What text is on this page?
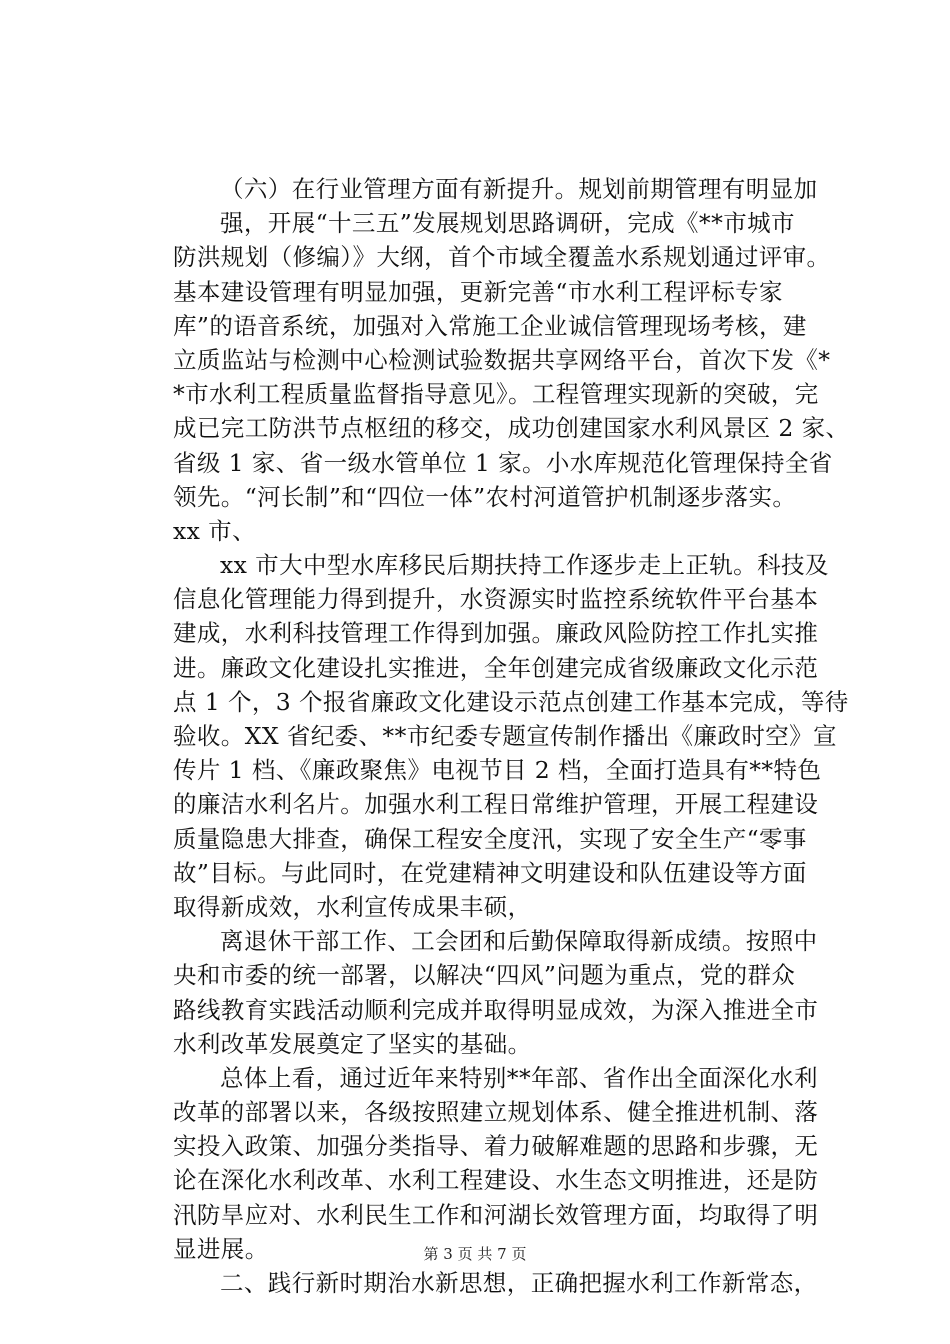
（六）在行业管理方面有新提升。规划前期管理有明显加
强，开展“十三五”发展规划思路调研，完成《**市城市
防洪规划（修编）》大纲，首个市域全覆盖水系规划通过评审。
基本建设管理有明显加强，更新完善“市水利工程评标专家
库”的语音系统，加强对入常施工企业诚信管理现场考核，建
立质监站与检测中心检测试验数据共享网络平台，首次下发《*
*市水利工程质量监督指导意见》。工程管理实现新的突破，完
成已完工防洪节点枢纽的移交，成功创建国家水利风景区 2 家、
省级 1 家、省一级水管单位 1 家。小水库规范化管理保持全省
领先。“河长制”和“四位一体”农村河道管护机制逐步落实。
xx 市、
xx 市大中型水库移民后期扶持工作逐步走上正轨。科技及
信息化管理能力得到提升，水资源实时监控系统软件平台基本
建成，水利科技管理工作得到加强。廉政风险防控工作扎实推
进。廉政文化建设扎实推进，全年创建完成省级廉政文化示范
点 1 个，3 个报省廉政文化建设示范点创建工作基本完成，等待
验收。XX 省纪委、**市纪委专题宣传制作播出《廉政时空》宣
传片 1 档、《廉政聚焦》电视节目 2 档，全面打造具有**特色
的廉洁水利名片。加强水利工程日常维护管理，开展工程建设
质量隐患大排查，确保工程安全度汛，实现了安全生产“零事
故”目标。与此同时，在党建精神文明建设和队伍建设等方面
取得新成效，水利宣传成果丰硕，
离退休干部工作、工会团和后勤保障取得新成绩。按照中
央和市委的统一部署，以解决“四风”问题为重点，党的群众
路线教育实践活动顺利完成并取得明显成效，为深入推进全市
水利改革发展奠定了坚实的基础。
总体上看，通过近年来特别**年部、省作出全面深化水利
改革的部署以来，各级按照建立规划体系、健全推进机制、落
实投入政策、加强分类指导、着力破解难题的思路和步骤，无
论在深化水利改革、水利工程建设、水生态文明推进，还是防
汛防旱应对、水利民生工作和河湖长效管理方面，均取得了明
显进展。
二、践行新时期治水新思想，正确把握水利工作新常态，
第 3 页 共 7 页
